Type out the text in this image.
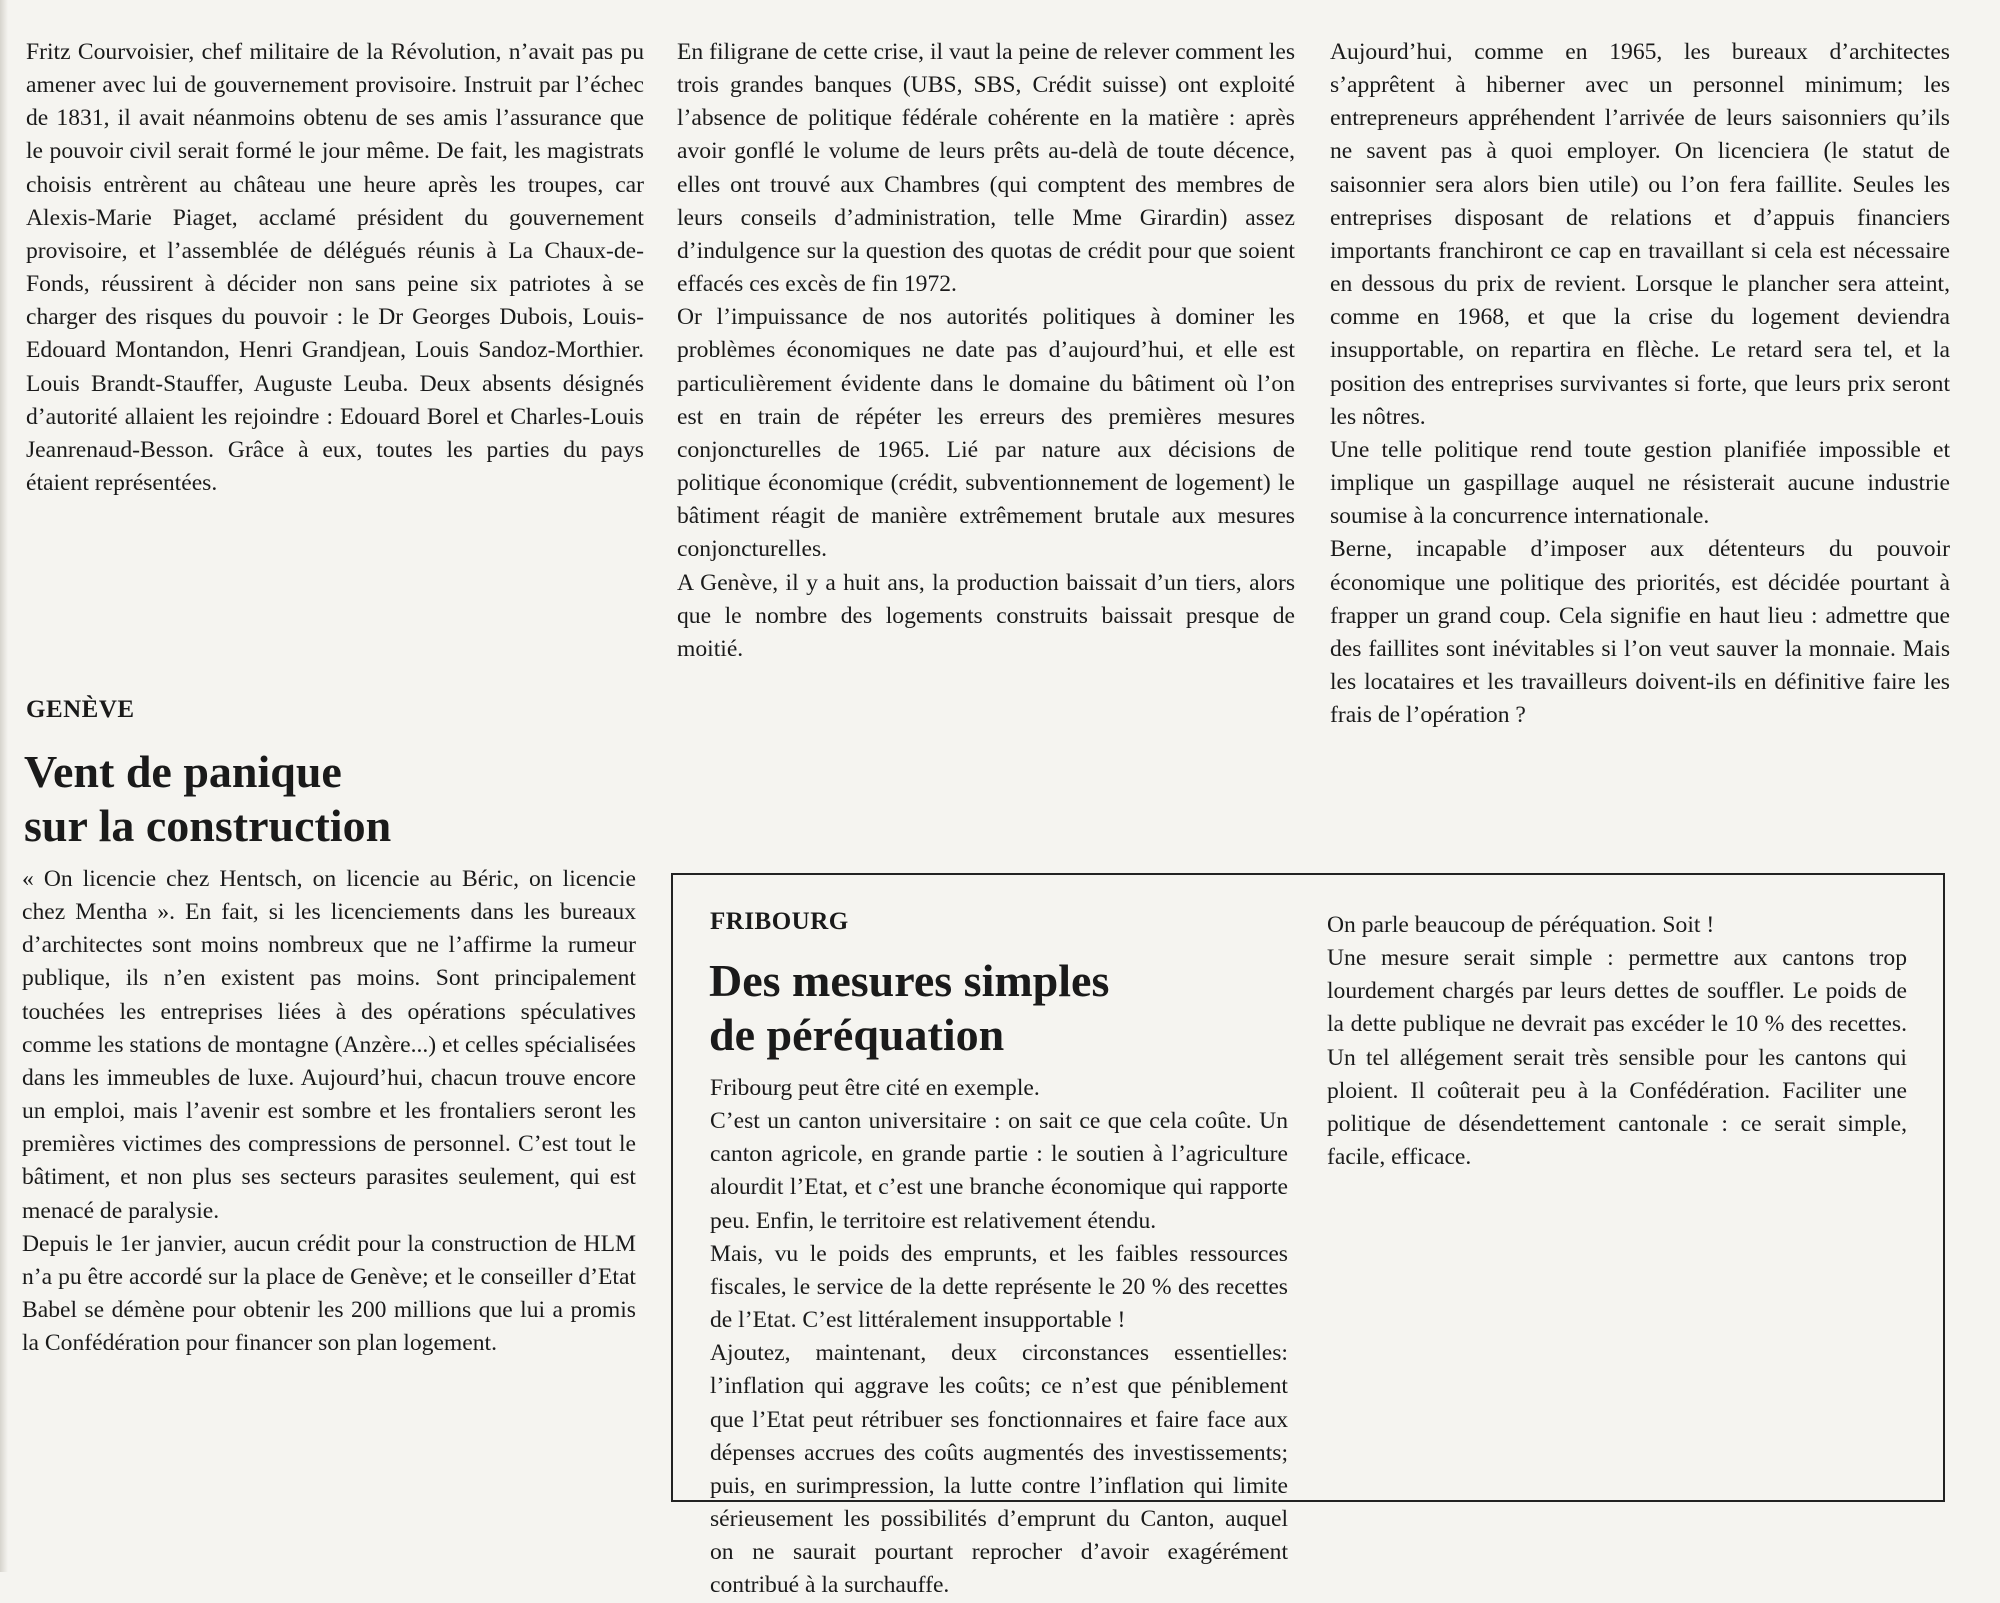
Fritz Courvoisier, chef militaire de la Révolution, n’avait pas pu amener avec lui de gouvernement provisoire. Instruit par l’échec de 1831, il avait néanmoins obtenu de ses amis l’assurance que le pouvoir civil serait formé le jour même. De fait, les magistrats choisis entrèrent au château une heure après les troupes, car Alexis-Marie Piaget, acclamé président du gouvernement provisoire, et l’assemblée de délégués réunis à La Chaux-de-Fonds, réussirent à décider non sans peine six patriotes à se charger des risques du pouvoir : le Dr Georges Dubois, Louis-Edouard Montandon, Henri Grandjean, Louis Sandoz-Morthier. Louis Brandt-Stauffer, Auguste Leuba. Deux absents désignés d’autorité allaient les rejoindre : Edouard Borel et Charles-Louis Jeanrenaud-Besson. Grâce à eux, toutes les parties du pays étaient représentées.

GENÈVE
Vent de panique
sur la construction

« On licencie chez Hentsch, on licencie au Béric, on licencie chez Mentha ». En fait, si les licenciements dans les bureaux d’architectes sont moins nombreux que ne l’affirme la rumeur publique, ils n’en existent pas moins. Sont principalement touchées les entreprises liées à des opérations spéculatives comme les stations de montagne (Anzère...) et celles spécialisées dans les immeubles de luxe. Aujourd’hui, chacun trouve encore un emploi, mais l’avenir est sombre et les frontaliers seront les premières victimes des compressions de personnel. C’est tout le bâtiment, et non plus ses secteurs parasites seulement, qui est menacé de paralysie.

Depuis le 1er janvier, aucun crédit pour la construction de HLM n’a pu être accordé sur la place de Genève; et le conseiller d’Etat Babel se démène pour obtenir les 200 millions que lui a promis la Confédération pour financer son plan logement.

En filigrane de cette crise, il vaut la peine de relever comment les trois grandes banques (UBS, SBS, Crédit suisse) ont exploité l’absence de politique fédérale cohérente en la matière : après avoir gonflé le volume de leurs prêts au-delà de toute décence, elles ont trouvé aux Chambres (qui comptent des membres de leurs conseils d’administration, telle Mme Girardin) assez d’indulgence sur la question des quotas de crédit pour que soient effacés ces excès de fin 1972.

Or l’impuissance de nos autorités politiques à dominer les problèmes économiques ne date pas d’aujourd’hui, et elle est particulièrement évidente dans le domaine du bâtiment où l’on est en train de répéter les erreurs des premières mesures conjoncturelles de 1965. Lié par nature aux décisions de politique économique (crédit, subventionnement de logement) le bâtiment réagit de manière extrêmement brutale aux mesures conjoncturelles.

A Genève, il y a huit ans, la production baissait d’un tiers, alors que le nombre des logements construits baissait presque de moitié.

Aujourd’hui, comme en 1965, les bureaux d’architectes s’apprêtent à hiberner avec un personnel minimum; les entrepreneurs appréhendent l’arrivée de leurs saisonniers qu’ils ne savent pas à quoi employer. On licenciera (le statut de saisonnier sera alors bien utile) ou l’on fera faillite. Seules les entreprises disposant de relations et d’appuis financiers importants franchiront ce cap en travaillant si cela est nécessaire en dessous du prix de revient. Lorsque le plancher sera atteint, comme en 1968, et que la crise du logement deviendra insupportable, on repartira en flèche. Le retard sera tel, et la position des entreprises survivantes si forte, que leurs prix seront les nôtres.

Une telle politique rend toute gestion planifiée impossible et implique un gaspillage auquel ne résisterait aucune industrie soumise à la concurrence internationale.

Berne, incapable d’imposer aux détenteurs du pouvoir économique une politique des priorités, est décidée pourtant à frapper un grand coup. Cela signifie en haut lieu : admettre que des faillites sont inévitables si l’on veut sauver la monnaie. Mais les locataires et les travailleurs doivent-ils en définitive faire les frais de l’opération ?

FRIBOURG
Des mesures simples
de péréquation

Fribourg peut être cité en exemple.

C’est un canton universitaire : on sait ce que cela coûte. Un canton agricole, en grande partie : le soutien à l’agriculture alourdit l’Etat, et c’est une branche économique qui rapporte peu. Enfin, le territoire est relativement étendu.

Mais, vu le poids des emprunts, et les faibles ressources fiscales, le service de la dette représente le 20 % des recettes de l’Etat. C’est littéralement insupportable !

Ajoutez, maintenant, deux circonstances essentielles: l’inflation qui aggrave les coûts; ce n’est que péniblement que l’Etat peut rétribuer ses fonctionnaires et faire face aux dépenses accrues des coûts augmentés des investissements; puis, en surimpression, la lutte contre l’inflation qui limite sérieusement les possibilités d’emprunt du Canton, auquel on ne saurait pourtant reprocher d’avoir exagérément contribué à la surchauffe.

On parle beaucoup de péréquation. Soit !

Une mesure serait simple : permettre aux cantons trop lourdement chargés par leurs dettes de souffler. Le poids de la dette publique ne devrait pas excéder le 10 % des recettes. Un tel allégement serait très sensible pour les cantons qui ploient. Il coûterait peu à la Confédération. Faciliter une politique de désendettement cantonale : ce serait simple, facile, efficace.
